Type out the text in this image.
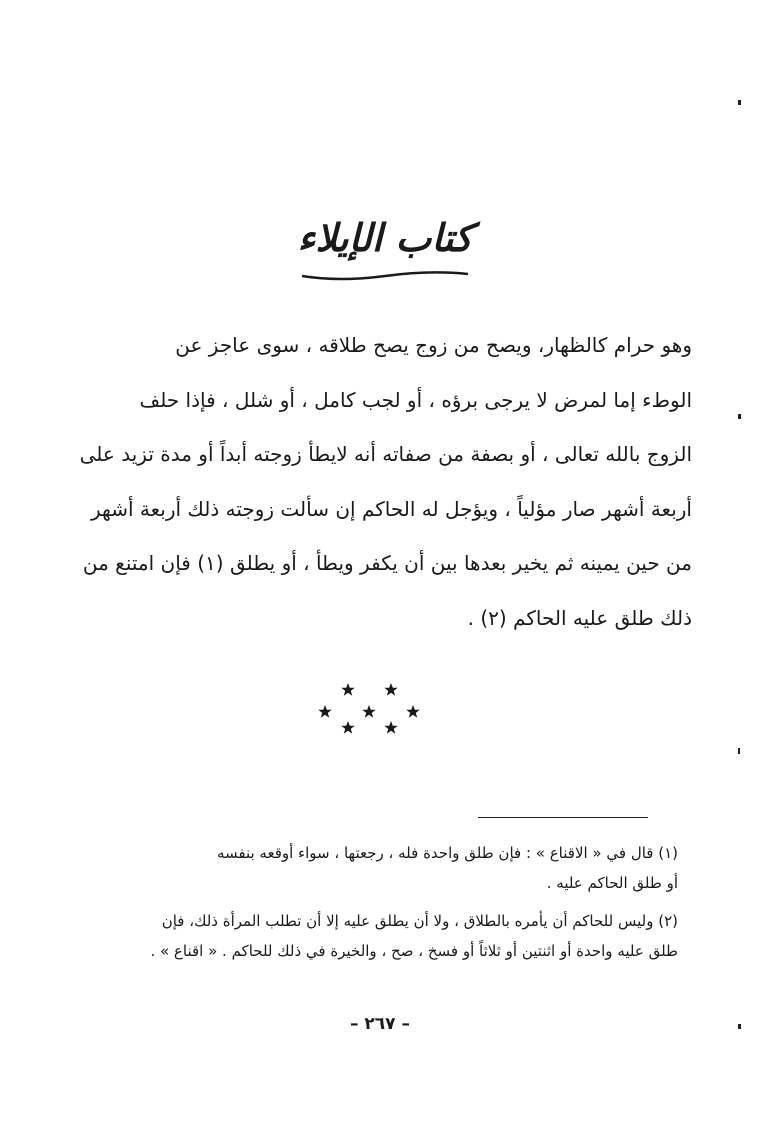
كتاب الإيلاء
وهو حرام كالظهار، ويصح من زوج يصح طلاقه ، سوى عاجز عن
الوطء إما لمرض لا يرجى برؤه ، أو لجب كامل ، أو شلل ، فإذا حلف
الزوج بالله تعالى ، أو بصفة من صفاته أنه لايطأ زوجته أبداً أو مدة تزيد على
أربعة أشهر صار مؤلياً ، ويؤجل له الحاكم إن سألت زوجته ذلك أربعة أشهر
من حين يمينه ثم يخير بعدها بين أن يكفر ويطأ ، أو يطلق (١) فإن امتنع من
ذلك طلق عليه الحاكم (٢) .
(١) قال في « الاقناع » : فإن طلق واحدة فله ، رجعتها ، سواء أوقعه بنفسه
أو طلق الحاكم عليه .
(٢) وليس للحاكم أن يأمره بالطلاق ، ولا أن يطلق عليه إلا أن تطلب المرأة ذلك، فإن
طلق عليه واحدة أو اثنتين أو ثلاثاً أو فسخ ، صح ، والخيرة في ذلك للحاكم . « اقناع » .
– ٢٦٧ –
